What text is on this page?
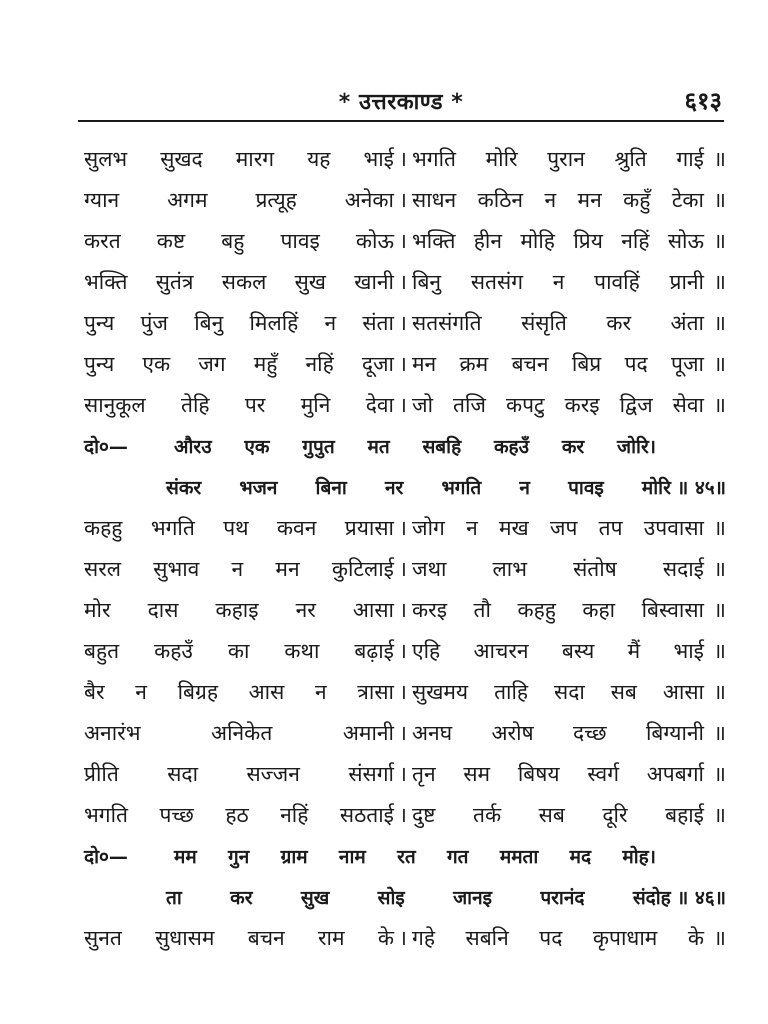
* उत्तरकाण्ड *	६१३
सुलभ सुखद मारग यह भाई । भगति मोरि पुरान श्रुति गाई ॥
ग्यान अगम प्रत्यूह अनेका । साधन कठिन न मन कहुँ टेका ॥
करत कष्ट बहु पावइ कोऊ । भक्ति हीन मोहि प्रिय नहिं सोऊ ॥
भक्ति सुतंत्र सकल सुख खानी । बिनु सतसंग न पावहिं प्रानी ॥
पुन्य पुंज बिनु मिलहिं न संता । सतसंगति संसृति कर अंता ॥
पुन्य एक जग महुँ नहिं दूजा । मन क्रम बचन बिप्र पद पूजा ॥
सानुकूल तेहि पर मुनि देवा । जो तजि कपटु करइ द्विज सेवा ॥
दो०—	औरउ एक गुपुत मत सबहि कहउँ कर जोरि।
संकर भजन बिना नर भगति न पावइ मोरि ॥ ४५॥
कहहु भगति पथ कवन प्रयासा । जोग न मख जप तप उपवासा ॥
सरल सुभाव न मन कुटिलाई । जथा लाभ संतोष सदाई ॥
मोर दास कहाइ नर आसा । करइ तौ कहहु कहा बिस्वासा ॥
बहुत कहउँ का कथा बढ़ाई । एहि आचरन बस्य मैं भाई ॥
बैर न बिग्रह आस न त्रासा । सुखमय ताहि सदा सब आसा ॥
अनारंभ	अनिकेत	अमानी । अनघ अरोष दच्छ बिग्यानी ॥
प्रीति सदा सज्जन संसर्गा । तृन सम बिषय स्वर्ग अपबर्गा ॥
भगति पच्छ हठ नहिं सठताई । दुष्ट तर्क सब दूरि बहाई ॥
दो०—	मम गुन ग्राम नाम रत गत ममता मद मोह।
ता	कर	सुख	सोइ	जानइ	परानंद	संदोह ॥ ४६॥
सुनत सुधासम बचन राम के । गहे सबनि पद कृपाधाम के ॥
